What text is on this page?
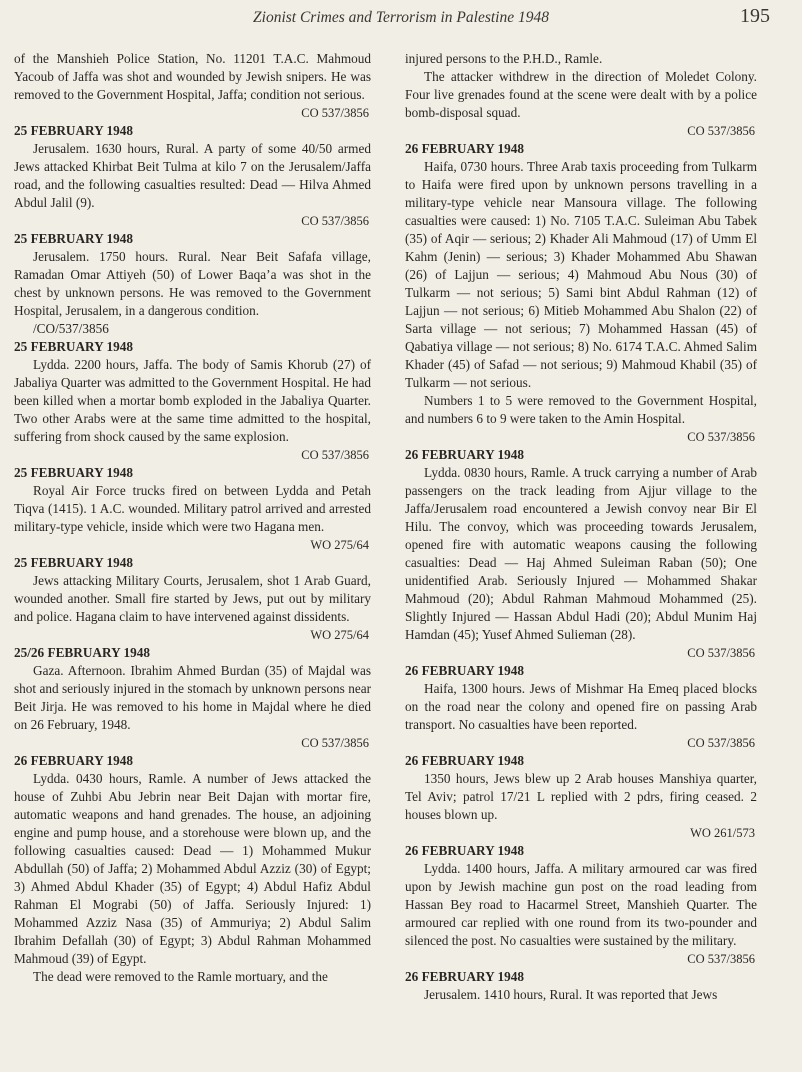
Zionist Crimes and Terrorism in Palestine 1948	195

of the Manshieh Police Station, No. 11201 T.A.C. Mahmoud Yacoub of Jaffa was shot and wounded by Jewish snipers. He was removed to the Government Hospital, Jaffa; condition not serious.

CO 537/3856
25 FEBRUARY 1948

Jerusalem. 1630 hours, Rural. A party of some 40/50 armed Jews attacked Khirbat Beit Tulma at kilo 7 on the Jerusalem/Jaffa road, and the following casualties resulted: Dead — Hilva Ahmed Abdul Jalil (9).

CO 537/3856
25 FEBRUARY 1948

Jerusalem. 1750 hours. Rural. Near Beit Safafa village, Ramadan Omar Attiyeh (50) of Lower Baqa’a was shot in the chest by unknown persons. He was removed to the Government Hospital, Jerusalem, in a dangerous condition.

/CO/537/3856

25 FEBRUARY 1948

Lydda. 2200 hours, Jaffa. The body of Samis Khorub (27) of Jabaliya Quarter was admitted to the Government Hospital. He had been killed when a mortar bomb exploded in the Jabaliya Quarter. Two other Arabs were at the same time admitted to the hospital, suffering from shock caused by the same explosion.

CO 537/3856
25 FEBRUARY 1948

Royal Air Force trucks fired on between Lydda and Petah Tiqva (1415). 1 A.C. wounded. Military patrol arrived and arrested military-type vehicle, inside which were two Hagana men.

WO 275/64
25 FEBRUARY 1948

Jews attacking Military Courts, Jerusalem, shot 1 Arab Guard, wounded another. Small fire started by Jews, put out by military and police. Hagana claim to have intervened against dissidents.

WO 275/64
25/26 FEBRUARY 1948

Gaza. Afternoon. Ibrahim Ahmed Burdan (35) of Majdal was shot and seriously injured in the stomach by unknown persons near Beit Jirja. He was removed to his home in Majdal where he died on 26 February, 1948.

CO 537/3856
26 FEBRUARY 1948

Lydda. 0430 hours, Ramle. A number of Jews attacked the house of Zuhbi Abu Jebrin near Beit Dajan with mortar fire, automatic weapons and hand grenades. The house, an adjoining engine and pump house, and a storehouse were blown up, and the following casualties caused: Dead — 1) Mohammed Mukur Abdullah (50) of Jaffa; 2) Mohammed Abdul Azziz (30) of Egypt; 3) Ahmed Abdul Khader (35) of Egypt; 4) Abdul Hafiz Abdul Rahman El Mograbi (50) of Jaffa. Seriously Injured: 1) Mohammed Azziz Nasa (35) of Ammuriya; 2) Abdul Salim Ibrahim Defallah (30) of Egypt; 3) Abdul Rahman Mohammed Mahmoud (39) of Egypt.

The dead were removed to the Ramle mortuary, and the

injured persons to the P.H.D., Ramle.

The attacker withdrew in the direction of Moledet Colony. Four live grenades found at the scene were dealt with by a police bomb-disposal squad.

CO 537/3856
26 FEBRUARY 1948

Haifa, 0730 hours. Three Arab taxis proceeding from Tulkarm to Haifa were fired upon by unknown persons travelling in a military-type vehicle near Mansoura village. The following casualties were caused: 1) No. 7105 T.A.C. Suleiman Abu Tabek (35) of Aqir — serious; 2) Khader Ali Mahmoud (17) of Umm El Kahm (Jenin) — serious; 3) Khader Mohammed Abu Shawan (26) of Lajjun — serious; 4) Mahmoud Abu Nous (30) of Tulkarm — not serious; 5) Sami bint Abdul Rahman (12) of Lajjun — not serious; 6) Mitieb Mohammed Abu Shalon (22) of Sarta village — not serious; 7) Mohammed Hassan (45) of Qabatiya village — not serious; 8) No. 6174 T.A.C. Ahmed Salim Khader (45) of Safad — not serious; 9) Mahmoud Khabil (35) of Tulkarm — not serious.

Numbers 1 to 5 were removed to the Government Hospital, and numbers 6 to 9 were taken to the Amin Hospital.

CO 537/3856
26 FEBRUARY 1948

Lydda. 0830 hours, Ramle. A truck carrying a number of Arab passengers on the track leading from Ajjur village to the Jaffa/Jerusalem road encountered a Jewish convoy near Bir El Hilu. The convoy, which was proceeding towards Jerusalem, opened fire with automatic weapons causing the following casualties: Dead — Haj Ahmed Suleiman Raban (50); One unidentified Arab. Seriously Injured — Mohammed Shakar Mahmoud (20); Abdul Rahman Mahmoud Mohammed (25). Slightly Injured — Hassan Abdul Hadi (20); Abdul Munim Haj Hamdan (45); Yusef Ahmed Sulieman (28).

CO 537/3856
26 FEBRUARY 1948

Haifa, 1300 hours. Jews of Mishmar Ha Emeq placed blocks on the road near the colony and opened fire on passing Arab transport. No casualties have been reported.

CO 537/3856
26 FEBRUARY 1948

1350 hours, Jews blew up 2 Arab houses Manshiya quarter, Tel Aviv; patrol 17/21 L replied with 2 pdrs, firing ceased. 2 houses blown up.

WO 261/573
26 FEBRUARY 1948

Lydda. 1400 hours, Jaffa. A military armoured car was fired upon by Jewish machine gun post on the road leading from Hassan Bey road to Hacarmel Street, Manshieh Quarter. The armoured car replied with one round from its two-pounder and silenced the post. No casualties were sustained by the military.

CO 537/3856
26 FEBRUARY 1948

Jerusalem. 1410 hours, Rural. It was reported that Jews
